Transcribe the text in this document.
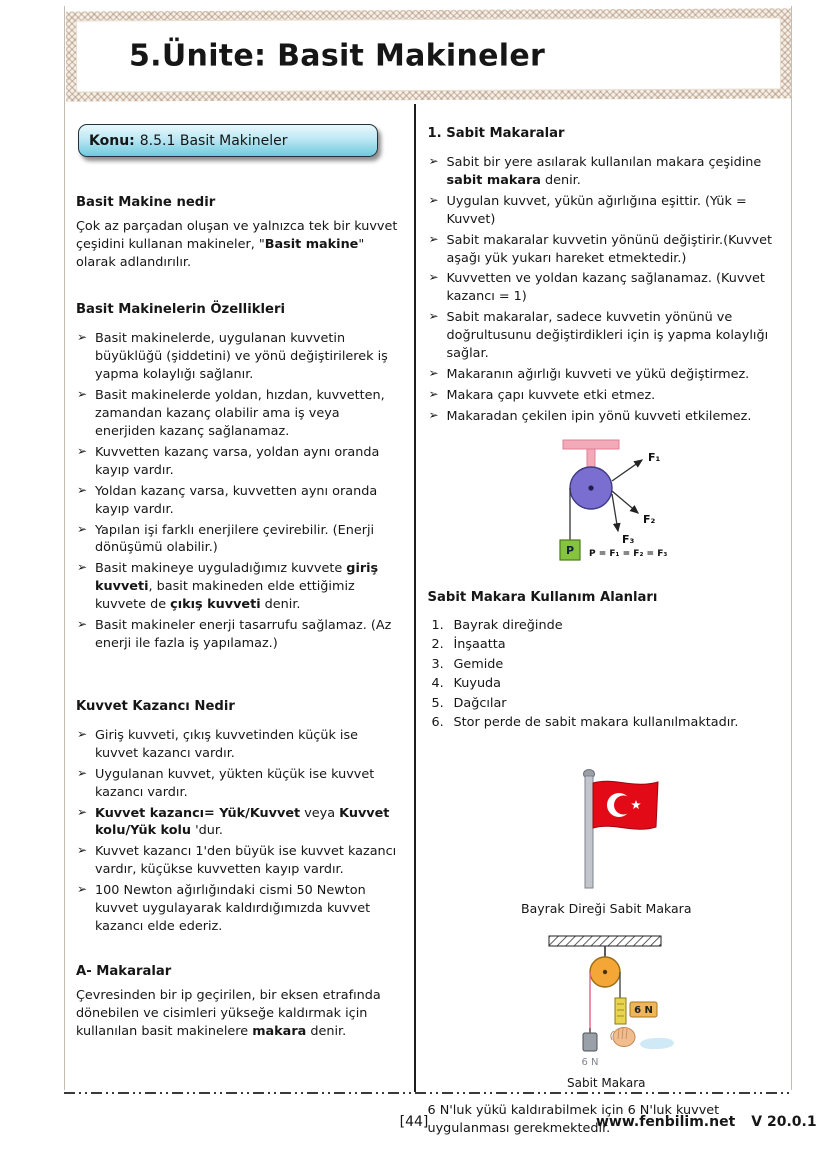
5.Ünite: Basit Makineler
Konu: 8.5.1 Basit Makineler
Basit Makine nedir

Çok az parçadan oluşan ve yalnızca tek bir kuvvet çeşidini kullanan makineler, "Basit makine" olarak adlandırılır.

Basit Makinelerin Özellikleri
➢ Basit makinelerde, uygulanan kuvvetin büyüklüğü (şiddetini) ve yönü değiştirilerek iş yapma kolaylığı sağlanır.
➢ Basit makinelerde yoldan, hızdan, kuvvetten, zamandan kazanç olabilir ama iş veya enerjiden kazanç sağlanamaz.
➢ Kuvvetten kazanç varsa, yoldan aynı oranda kayıp vardır.
➢ Yoldan kazanç varsa, kuvvetten aynı oranda kayıp vardır.
➢ Yapılan işi farklı enerjilere çevirebilir. (Enerji dönüşümü olabilir.)
➢ Basit makineye uyguladığımız kuvvete giriş kuvveti, basit makineden elde ettiğimiz kuvvete de çıkış kuvveti denir.
➢ Basit makineler enerji tasarrufu sağlamaz. (Az enerji ile fazla iş yapılamaz.)
Kuvvet Kazancı Nedir
➢ Giriş kuvveti, çıkış kuvvetinden küçük ise kuvvet kazancı vardır.
➢ Uygulanan kuvvet, yükten küçük ise kuvvet kazancı vardır.
➢ Kuvvet kazancı= Yük/Kuvvet veya Kuvvet kolu/Yük kolu 'dur.
➢ Kuvvet kazancı 1'den büyük ise kuvvet kazancı vardır, küçükse kuvvetten kayıp vardır.
➢ 100 Newton ağırlığındaki cismi 50 Newton kuvvet uygulayarak kaldırdığımızda kuvvet kazancı elde ederiz.
A- Makaralar

Çevresinden bir ip geçirilen, bir eksen etrafında dönebilen ve cisimleri yükseğe kaldırmak için kullanılan basit makinelere makara denir.

1. Sabit Makaralar
➢ Sabit bir yere asılarak kullanılan makara çeşidine sabit makara denir.
➢ Uygulan kuvvet, yükün ağırlığına eşittir. (Yük = Kuvvet)
➢ Sabit makaralar kuvvetin yönünü değiştirir.(Kuvvet aşağı yük yukarı hareket etmektedir.)
➢ Kuvvetten ve yoldan kazanç sağlanamaz. (Kuvvet kazancı = 1)
➢ Sabit makaralar, sadece kuvvetin yönünü ve doğrultusunu değiştirdikleri için iş yapma kolaylığı sağlar.
➢ Makaranın ağırlığı kuvveti ve yükü değiştirmez.
➢ Makara çapı kuvvete etki etmez.
➢ Makaradan çekilen ipin yönü kuvveti etkilemez.
F₁
F₂
F₃
P P = F₁ = F₂ = F₃
Sabit Makara Kullanım Alanları
1. Bayrak direğinde
2. İnşaatta
3. Gemide
4. Kuyuda
5. Dağcılar
6. Stor perde de sabit makara kullanılmaktadır.
Bayrak Direği Sabit Makara
6 N
6 N
Sabit Makara

6 N'luk yükü kaldırabilmek için 6 N'luk kuvvet uygulanması gerekmektedir.

[44]	www.fenbilim.net V 20.0.1
